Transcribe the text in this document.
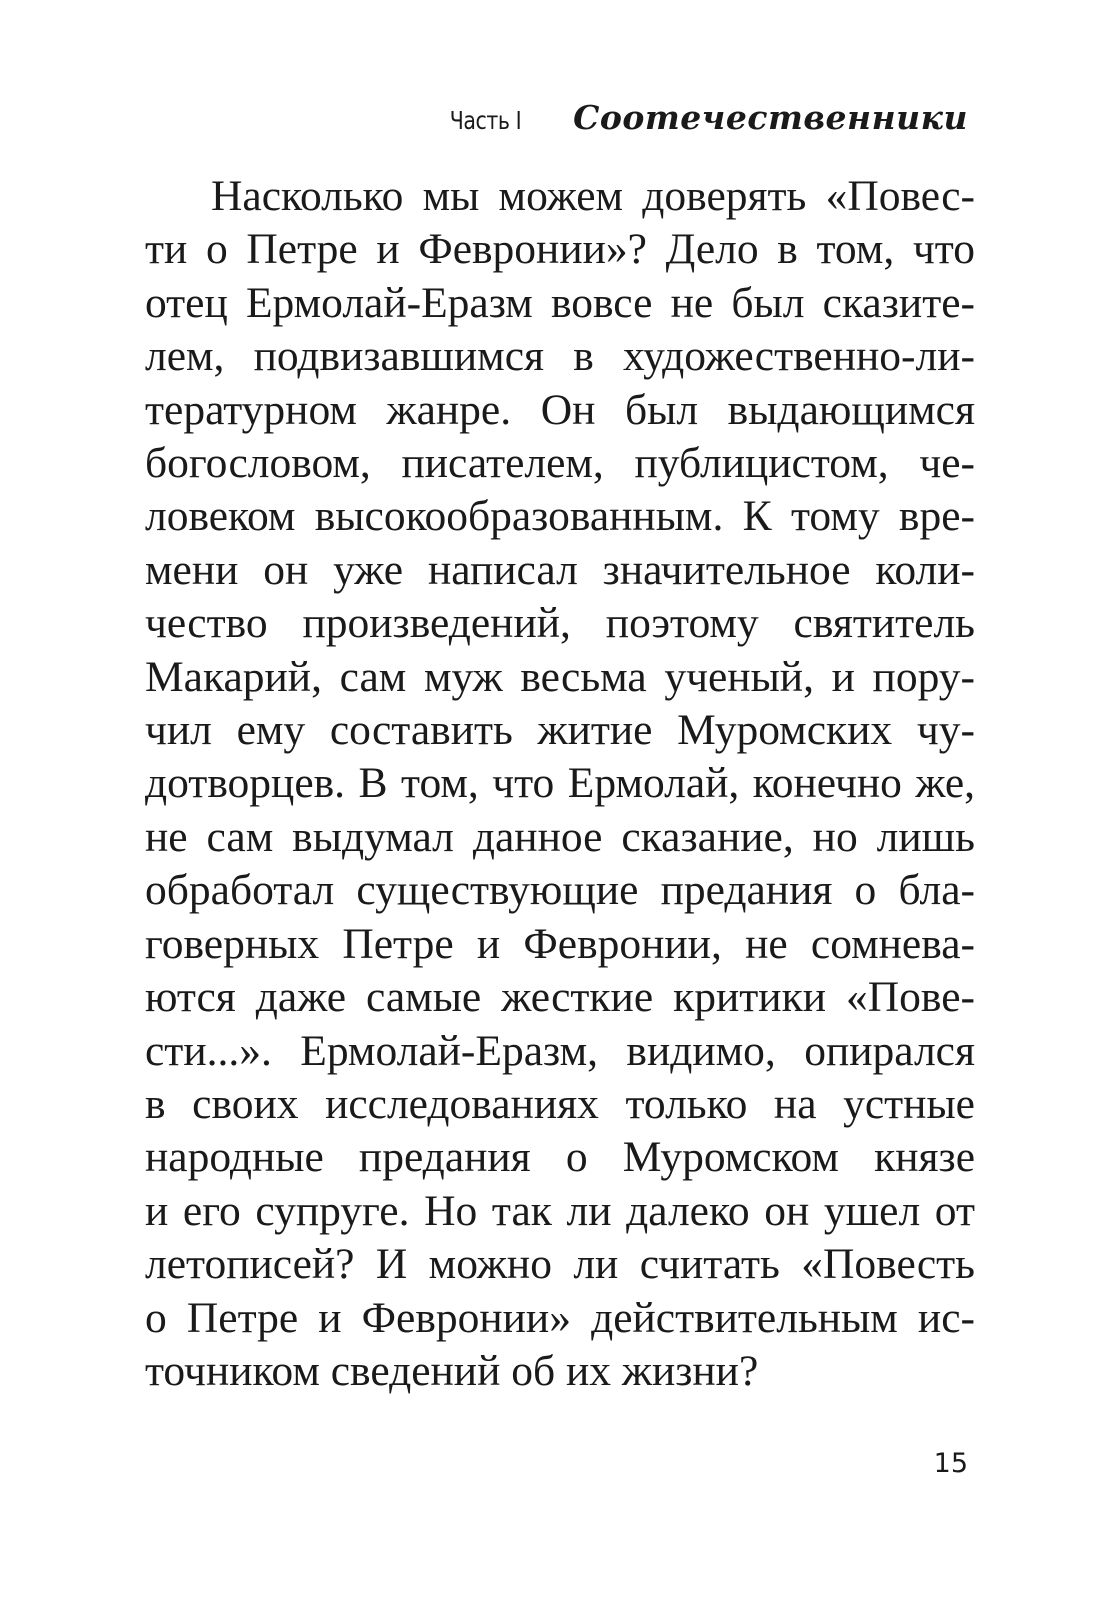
Часть I Соотечественники
Насколько мы можем доверять «Повес-
ти о Петре и Февронии»? Дело в том, что
отец Ермолай-Еразм вовсе не был сказите-
лем, подвизавшимся в художественно-ли-
тературном жанре. Он был выдающимся
богословом, писателем, публицистом, че-
ловеком высокообразованным. К тому вре-
мени он уже написал значительное коли-
чество произведений, поэтому святитель
Макарий, сам муж весьма ученый, и пору-
чил ему составить житие Муромских чу-
дотворцев. В том, что Ермолай, конечно же,
не сам выдумал данное сказание, но лишь
обработал существующие предания о бла-
говерных Петре и Февронии, не сомнева-
ются даже самые жесткие критики «Пове-
сти...». Ермолай-Еразм, видимо, опирался
в своих исследованиях только на устные
народные предания о Муромском князе
и его супруге. Но так ли далеко он ушел от
летописей? И можно ли считать «Повесть
о Петре и Февронии» действительным ис-
точником сведений об их жизни?
15
